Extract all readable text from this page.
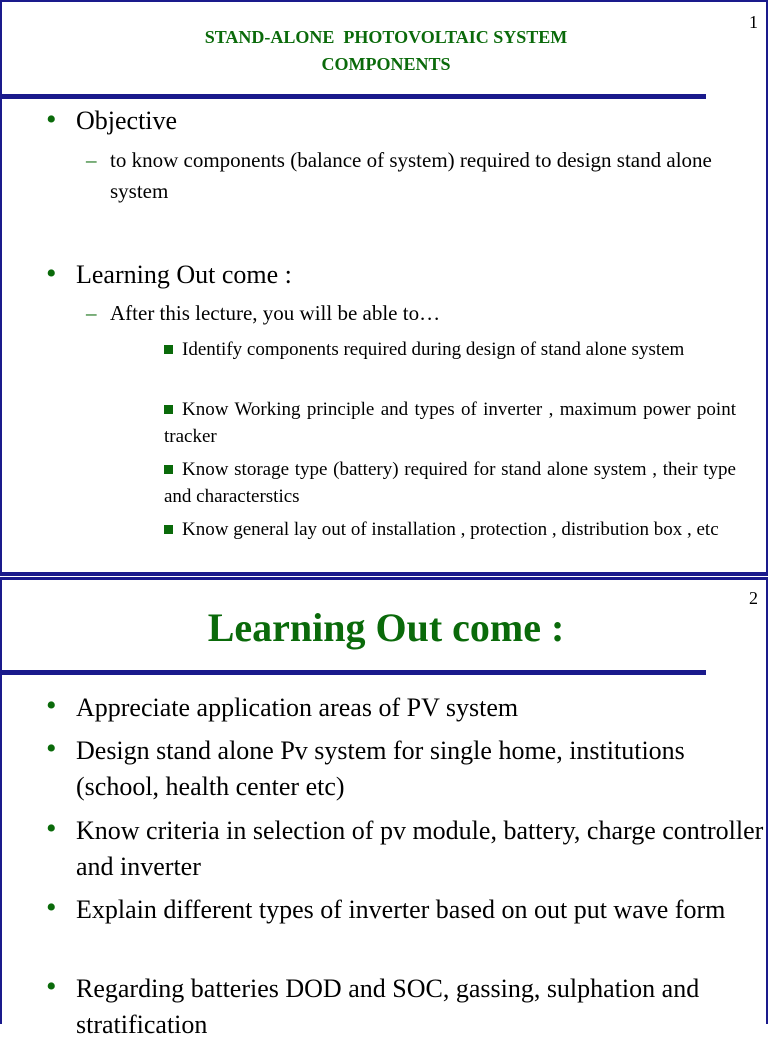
1
STAND-ALONE  PHOTOVOLTAIC SYSTEM
COMPONENTS
• Objective
– to know components (balance of system) required to design stand alone system
• Learning Out come :
– After this lecture, you will be able to…
Identify components required during design of stand alone system
Know Working principle and types of inverter , maximum power point tracker
Know storage type (battery) required for stand alone system , their type and characterstics
Know general lay out of installation , protection , distribution box , etc
2
Learning Out come :
• Appreciate application areas of PV system
• Design stand alone Pv system for single home, institutions (school, health center etc)
• Know criteria in selection of pv module, battery, charge controller and inverter
• Explain different types of inverter based on out put wave form
• Regarding batteries DOD and SOC, gassing, sulphation and stratification
